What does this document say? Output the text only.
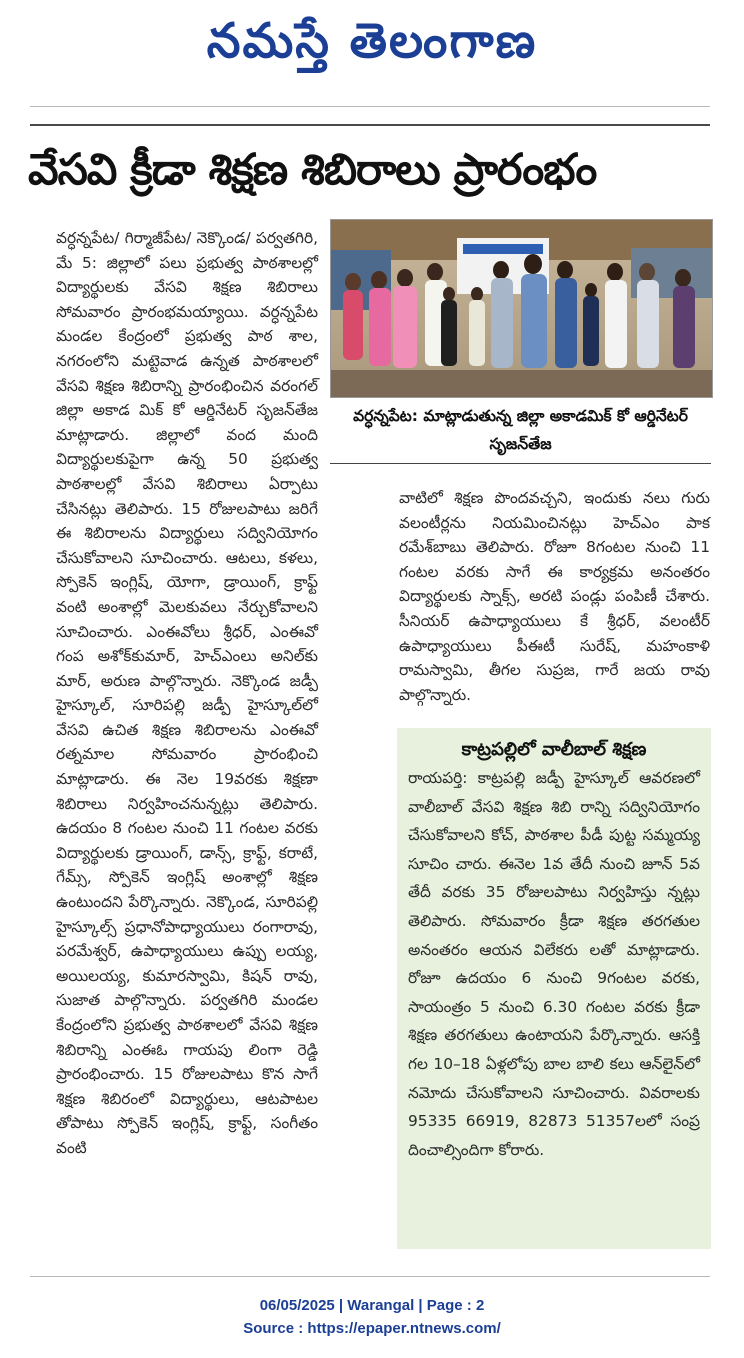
నమస్తే తెలంగాణ
వేసవి క్రీడా శిక్షణ శిబిరాలు ప్రారంభం

వర్ధన్నపేట/ గిర్మాజీపేట/ నెక్కొండ/ పర్వతగిరి, మే 5: జిల్లాలో పలు ప్రభుత్వ పాఠశాలల్లో విద్యార్థులకు వేసవి శిక్షణ శిబిరాలు సోమవారం ప్రారంభమయ్యాయి. వర్ధన్నపేట మండల కేంద్రంలో ప్రభుత్వ పాఠ శాల, నగరంలోని మట్టెవాడ ఉన్నత పాఠశాలలో వేసవి శిక్షణ శిబిరాన్ని ప్రారంభించిన వరంగల్ జిల్లా అకాడ మిక్ కో ఆర్డినేటర్ సృజన్‌తేజ మాట్లాడారు. జిల్లాలో వంద మంది విద్యార్థులకుపైగా ఉన్న 50 ప్రభుత్వ పాఠశాలల్లో వేసవి శిబిరాలు ఏర్పాటు చేసినట్లు తెలిపారు. 15 రోజులపాటు జరిగే ఈ శిబిరాలను విద్యార్థులు సద్వినియోగం చేసుకోవాలని సూచించారు. ఆటలు, కళలు, స్పోకెన్ ఇంగ్లిష్, యోగా, డ్రాయింగ్, క్రాఫ్ట్ వంటి అంశాల్లో మెలకువలు నేర్చుకోవాలని సూచించారు. ఎంఈవోలు శ్రీధర్, ఎంఈవో గంప అశోక్‌కుమార్, హెచ్‌ఎంలు అనిల్‌కు మార్, అరుణ పాల్గొన్నారు. నెక్కొండ జడ్పీ హైస్కూల్, సూరిపల్లి జడ్పీ హైస్కూల్‌లో వేసవి ఉచిత శిక్షణ శిబిరాలను ఎంఈవో రత్నమాల సోమవారం ప్రారంభించి మాట్లాడారు. ఈ నెల 19వరకు శిక్షణా శిబిరాలు నిర్వహించనున్నట్లు తెలిపారు. ఉదయం 8 గంటల నుంచి 11 గంటల వరకు విద్యార్థులకు డ్రాయింగ్, డాన్స్, క్రాఫ్ట్, కరాటే, గేమ్స్, స్పోకెన్ ఇంగ్లిష్ అంశాల్లో శిక్షణ ఉంటుందని పేర్కొన్నారు. నెక్కొండ, సూరిపల్లి హైస్కూల్స్ ప్రధానోపాధ్యాయులు రంగారావు, పరమేశ్వర్, ఉపాధ్యాయులు ఉప్పు లయ్య, అయిలయ్య, కుమారస్వామి, కిషన్ రావు, సుజాత పాల్గొన్నారు. పర్వతగిరి మండల కేంద్రంలోని ప్రభుత్వ పాఠశాలలో వేసవి శిక్షణ శిబిరాన్ని ఎంఈఓ గాయపు లింగా రెడ్డి ప్రారంభించారు. 15 రోజులపాటు కొన సాగే శిక్షణ శిబిరంలో విద్యార్థులు, ఆటపాటల తోపాటు స్పోకెన్ ఇంగ్లిష్, క్రాఫ్ట్, సంగీతం వంటి

వర్ధన్నపేట: మాట్లాడుతున్న జిల్లా అకాడమిక్ కో ఆర్డినేటర్ సృజన్‌తేజ

వాటిలో శిక్షణ పొందవచ్చని, ఇందుకు నలు గురు వలంటీర్లను నియమించినట్లు హెచ్‌ఎం పాక రమేశ్‌బాబు తెలిపారు. రోజూ 8గంటల నుంచి 11 గంటల వరకు సాగే ఈ కార్యక్రమ అనంతరం విద్యార్థులకు స్నాక్స్, అరటి పండ్లు పంపిణీ చేశారు. సీనియర్ ఉపాధ్యాయులు కే శ్రీధర్, వలంటీర్ ఉపాధ్యాయులు పీఈటీ సురేష్, మహంకాళి రామస్వామి, తీగల సుప్రజ, గారే జయ రావు పాల్గొన్నారు.

కాట్రపల్లిలో వాలీబాల్ శిక్షణ

రాయపర్తి: కాట్రపల్లి జడ్పీ హైస్కూల్ ఆవరణలో వాలీబాల్ వేసవి శిక్షణ శిబి రాన్ని సద్వినియోగం చేసుకోవాలని కోచ్, పాఠశాల పీడీ పుట్ట సమ్మయ్య సూచిం చారు. ఈనెల 1వ తేదీ నుంచి జూన్ 5వ తేదీ వరకు 35 రోజులపాటు నిర్వహిస్తు న్నట్లు తెలిపారు. సోమవారం క్రీడా శిక్షణ తరగతుల అనంతరం ఆయన విలేకరు లతో మాట్లాడారు. రోజూ ఉదయం 6 నుంచి 9గంటల వరకు, సాయంత్రం 5 నుంచి 6.30 గంటల వరకు క్రీడా శిక్షణ తరగతులు ఉంటాయని పేర్కొన్నారు. ఆసక్తి గల 10–18 ఏళ్లలోపు బాల బాలి కలు ఆన్‌లైన్‌లో నమోదు చేసుకోవాలని సూచించారు. వివరాలకు 95335 66919, 82873 51357లలో సంప్ర దించాల్సిందిగా కోరారు.

06/05/2025 | Warangal | Page : 2
Source : https://epaper.ntnews.com/
